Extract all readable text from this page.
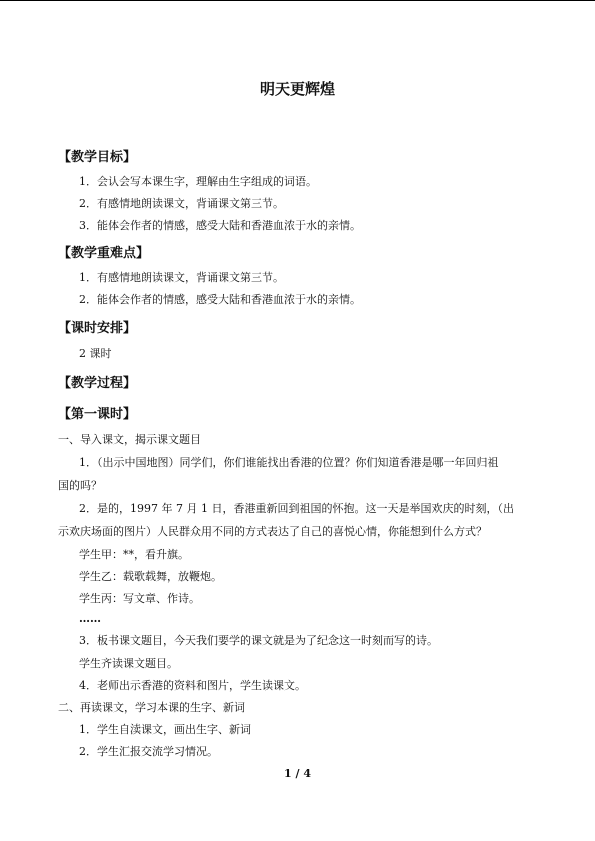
明天更辉煌
【教学目标】
1．会认会写本课生字，理解由生字组成的词语。
2．有感情地朗读课文，背诵课文第三节。
3．能体会作者的情感，感受大陆和香港血浓于水的亲情。
【教学重难点】
1．有感情地朗读课文，背诵课文第三节。
2．能体会作者的情感，感受大陆和香港血浓于水的亲情。
【课时安排】
2 课时
【教学过程】
【第一课时】
一、导入课文，揭示课文题目
1．（出示中国地图）同学们，你们谁能找出香港的位置？你们知道香港是哪一年回归祖
国的吗？
2．是的，1997 年 7 月 1 日，香港重新回到祖国的怀抱。这一天是举国欢庆的时刻，（出
示欢庆场面的图片）人民群众用不同的方式表达了自己的喜悦心情，你能想到什么方式？
学生甲：**，看升旗。
学生乙：载歌载舞，放鞭炮。
学生丙：写文章、作诗。
……
3．板书课文题目，今天我们要学的课文就是为了纪念这一时刻而写的诗。
学生齐读课文题目。
4．老师出示香港的资料和图片，学生读课文。
二、再读课文，学习本课的生字、新词
1．学生自渎课文，画出生字、新词
2．学生汇报交流学习情况。
1 / 4
